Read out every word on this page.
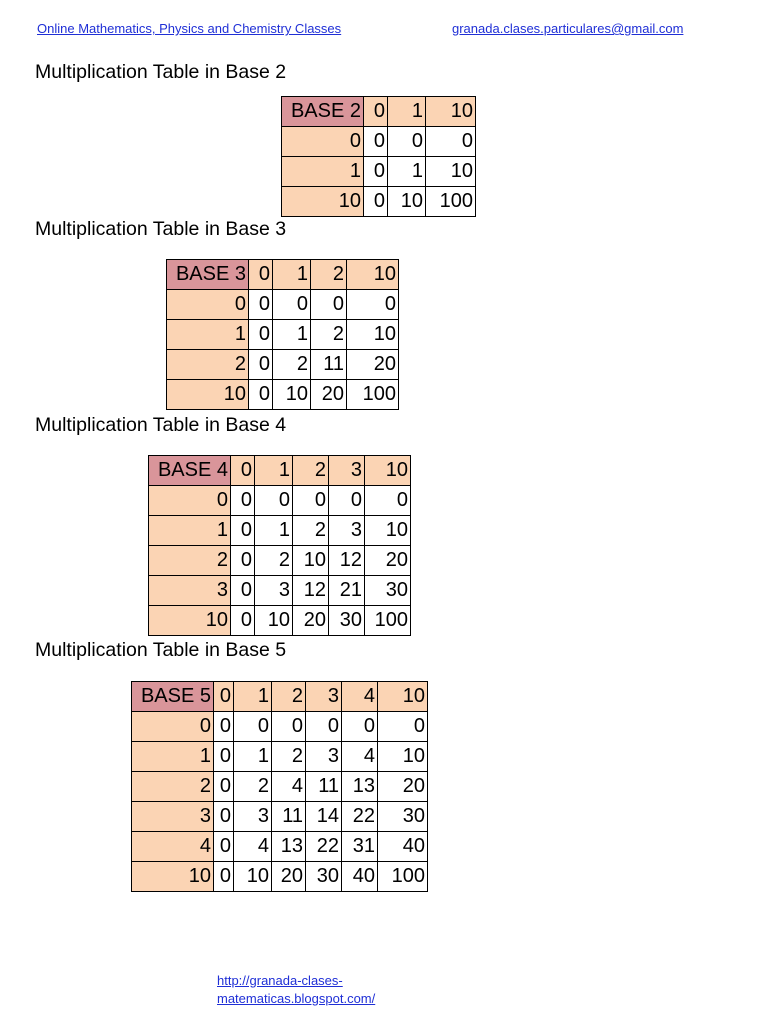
Online Mathematics, Physics and Chemistry Classes	granada.clases.particulares@gmail.com
Multiplication Table in Base 2
BASE 2	0	1	10
0	0	0	0
1	0	1	10
10	0	10	100
Multiplication Table in Base 3
BASE 3	0	1	2	10
0	0	0	0	0
1	0	1	2	10
2	0	2	11	20
10	0	10	20	100
Multiplication Table in Base 4
BASE 4	0	1	2	3	10
0	0	0	0	0	0
1	0	1	2	3	10
2	0	2	10	12	20
3	0	3	12	21	30
10	0	10	20	30	100
Multiplication Table in Base 5
BASE 5	0	1	2	3	4	10
0	0	0	0	0	0	0
1	0	1	2	3	4	10
2	0	2	4	11	13	20
3	0	3	11	14	22	30
4	0	4	13	22	31	40
10	0	10	20	30	40	100
http://granada-clases-matematicas.blogspot.com/
